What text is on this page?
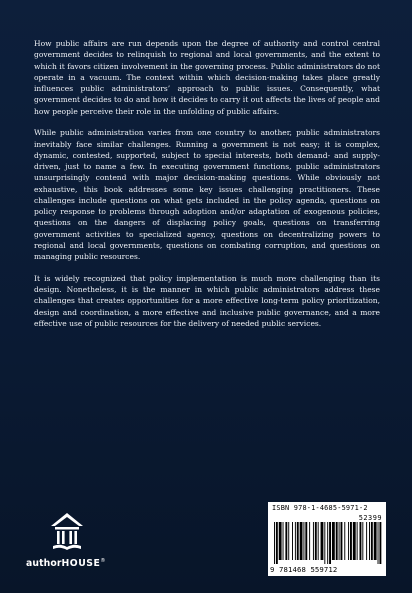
How public affairs are run depends upon the degree of authority and control central government decides to relinquish to regional and local governments, and the extent to which it favors citizen involvement in the governing process. Public administrators do not operate in a vacuum. The context within which decision-making takes place greatly influences public administrators’ approach to public issues. Consequently, what government decides to do and how it decides to carry it out affects the lives of people and how people perceive their role in the unfolding of public affairs.

While public administration varies from one country to another, public administrators inevitably face similar challenges. Running a government is not easy; it is complex, dynamic, contested, supported, subject to special interests, both demand- and supply-driven, just to name a few. In executing government functions, public administrators unsurprisingly contend with major decision-making questions. While obviously not exhaustive, this book addresses some key issues challenging practitioners. These challenges include questions on what gets included in the policy agenda, questions on policy response to problems through adoption and/or adaptation of exogenous policies, questions on the dangers of displacing policy goals, questions on transferring government activities to specialized agency, questions on decentralizing powers to regional and local governments, questions on combating corruption, and questions on managing public resources.

It is widely recognized that policy implementation is much more challenging than its design. Nonetheless, it is the manner in which public administrators address these challenges that creates opportunities for a more effective long-term policy prioritization, design and coordination, a more effective and inclusive public governance, and a more effective use of public resources for the delivery of needed public services.

authorHOUSE®
ISBN 978-1-4685-5971-2
52399
9 781468 559712
